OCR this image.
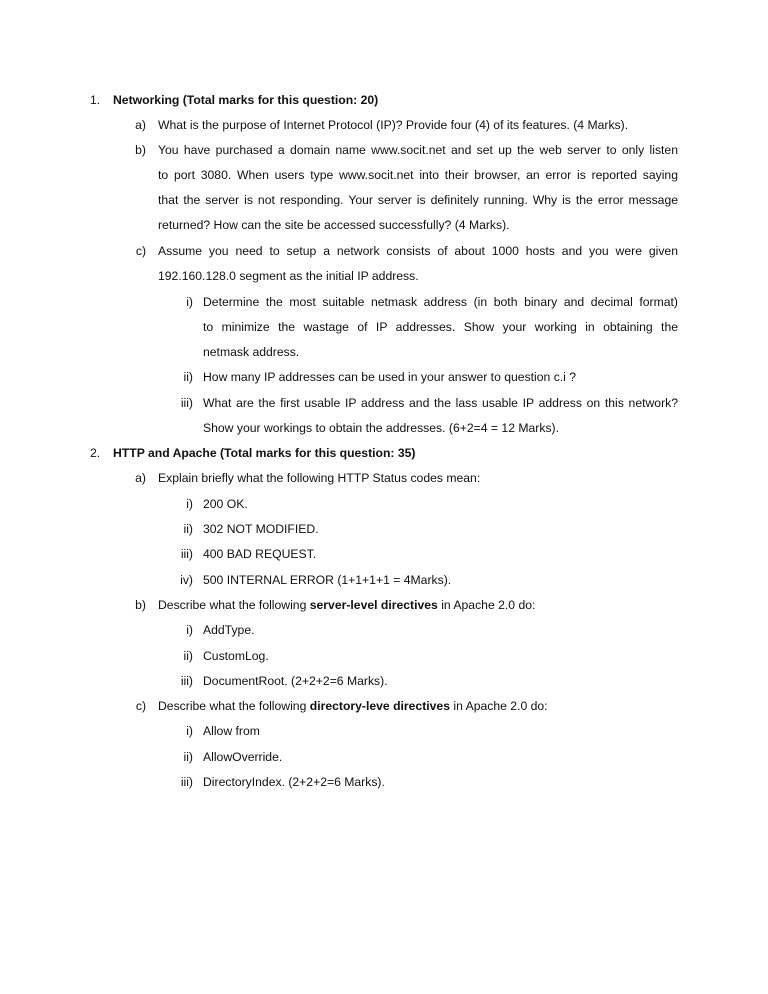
1. Networking (Total marks for this question: 20)
a) What is the purpose of Internet Protocol (IP)? Provide four (4) of its features. (4 Marks).
b) You have purchased a domain name www.socit.net and set up the web server to only listen
to port 3080. When users type www.socit.net into their browser, an error is reported saying
that the server is not responding. Your server is definitely running. Why is the error message
returned? How can the site be accessed successfully? (4 Marks).
c) Assume you need to setup a network consists of about 1000 hosts and you were given
192.160.128.0 segment as the initial IP address.
i) Determine the most suitable netmask address (in both binary and decimal format)
to minimize the wastage of IP addresses. Show your working in obtaining the
netmask address.
ii) How many IP addresses can be used in your answer to question c.i ?
iii) What are the first usable IP address and the lass usable IP address on this network?
Show your workings to obtain the addresses. (6+2=4 = 12 Marks).
2. HTTP and Apache (Total marks for this question: 35)
a) Explain briefly what the following HTTP Status codes mean:
i) 200 OK.
ii) 302 NOT MODIFIED.
iii) 400 BAD REQUEST.
iv) 500 INTERNAL ERROR (1+1+1+1 = 4Marks).
b) Describe what the following server-level directives in Apache 2.0 do:
i) AddType.
ii) CustomLog.
iii) DocumentRoot. (2+2+2=6 Marks).
c) Describe what the following directory-leve directives in Apache 2.0 do:
i) Allow from
ii) AllowOverride.
iii) DirectoryIndex. (2+2+2=6 Marks).
